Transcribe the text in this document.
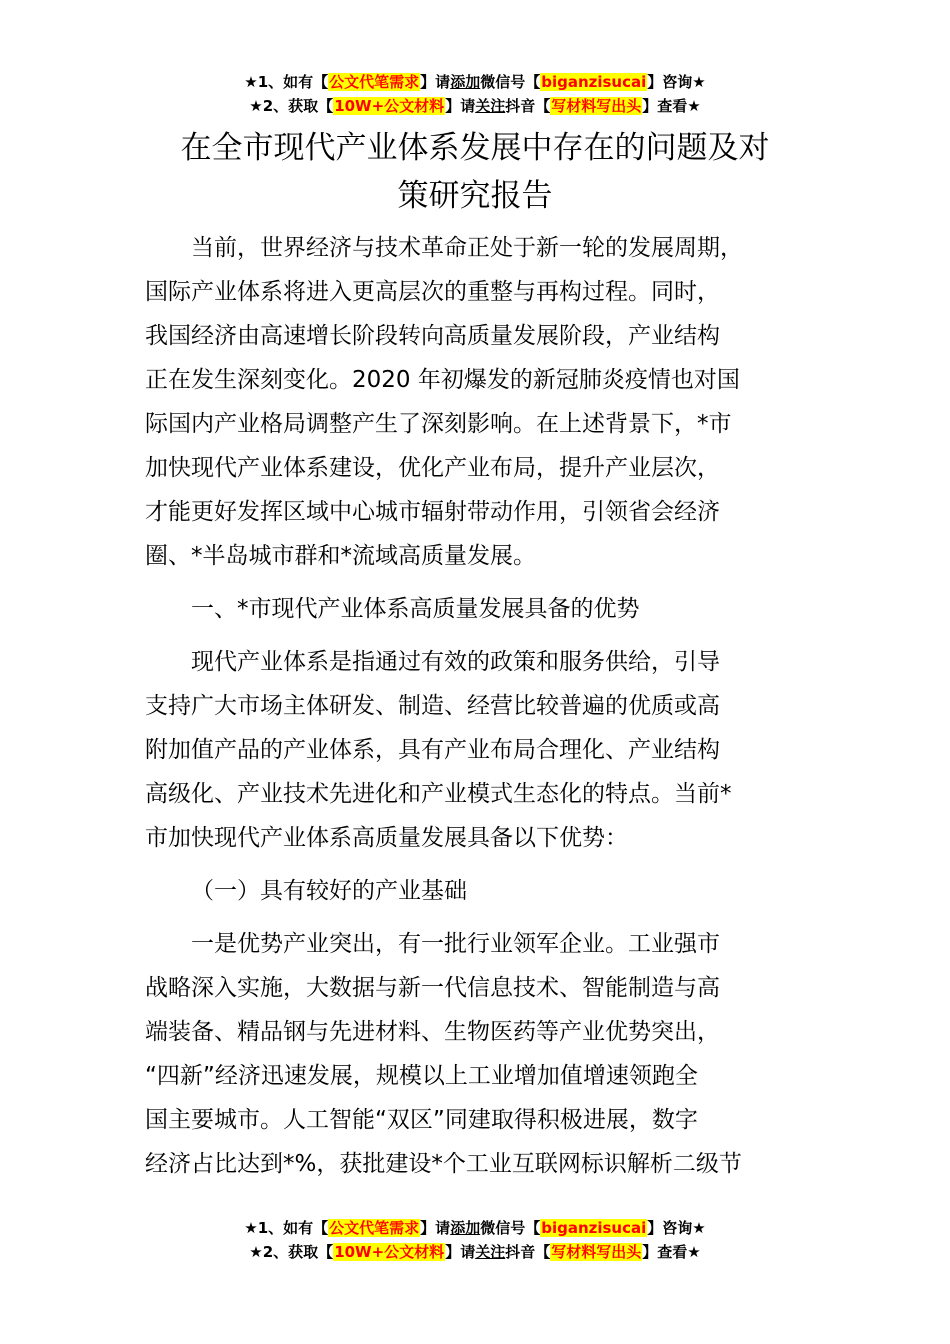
★1、如有【公文代笔需求】请添加微信号【biganzisucai】咨询★
★2、获取【10W+公文材料】请关注抖音【写材料写出头】查看★
在全市现代产业体系发展中存在的问题及对
策研究报告
当前，世界经济与技术革命正处于新一轮的发展周期，
国际产业体系将进入更高层次的重整与再构过程。同时，
我国经济由高速增长阶段转向高质量发展阶段，产业结构
正在发生深刻变化。2020 年初爆发的新冠肺炎疫情也对国
际国内产业格局调整产生了深刻影响。在上述背景下，*市
加快现代产业体系建设，优化产业布局，提升产业层次，
才能更好发挥区域中心城市辐射带动作用，引领省会经济
圈、*半岛城市群和*流域高质量发展。
一、*市现代产业体系高质量发展具备的优势
现代产业体系是指通过有效的政策和服务供给，引导
支持广大市场主体研发、制造、经营比较普遍的优质或高
附加值产品的产业体系，具有产业布局合理化、产业结构
高级化、产业技术先进化和产业模式生态化的特点。当前*
市加快现代产业体系高质量发展具备以下优势：
（一）具有较好的产业基础
一是优势产业突出，有一批行业领军企业。工业强市
战略深入实施，大数据与新一代信息技术、智能制造与高
端装备、精品钢与先进材料、生物医药等产业优势突出，
“四新”经济迅速发展，规模以上工业增加值增速领跑全
国主要城市。人工智能“双区”同建取得积极进展，数字
经济占比达到*%，获批建设*个工业互联网标识解析二级节
★1、如有【公文代笔需求】请添加微信号【biganzisucai】咨询★
★2、获取【10W+公文材料】请关注抖音【写材料写出头】查看★
